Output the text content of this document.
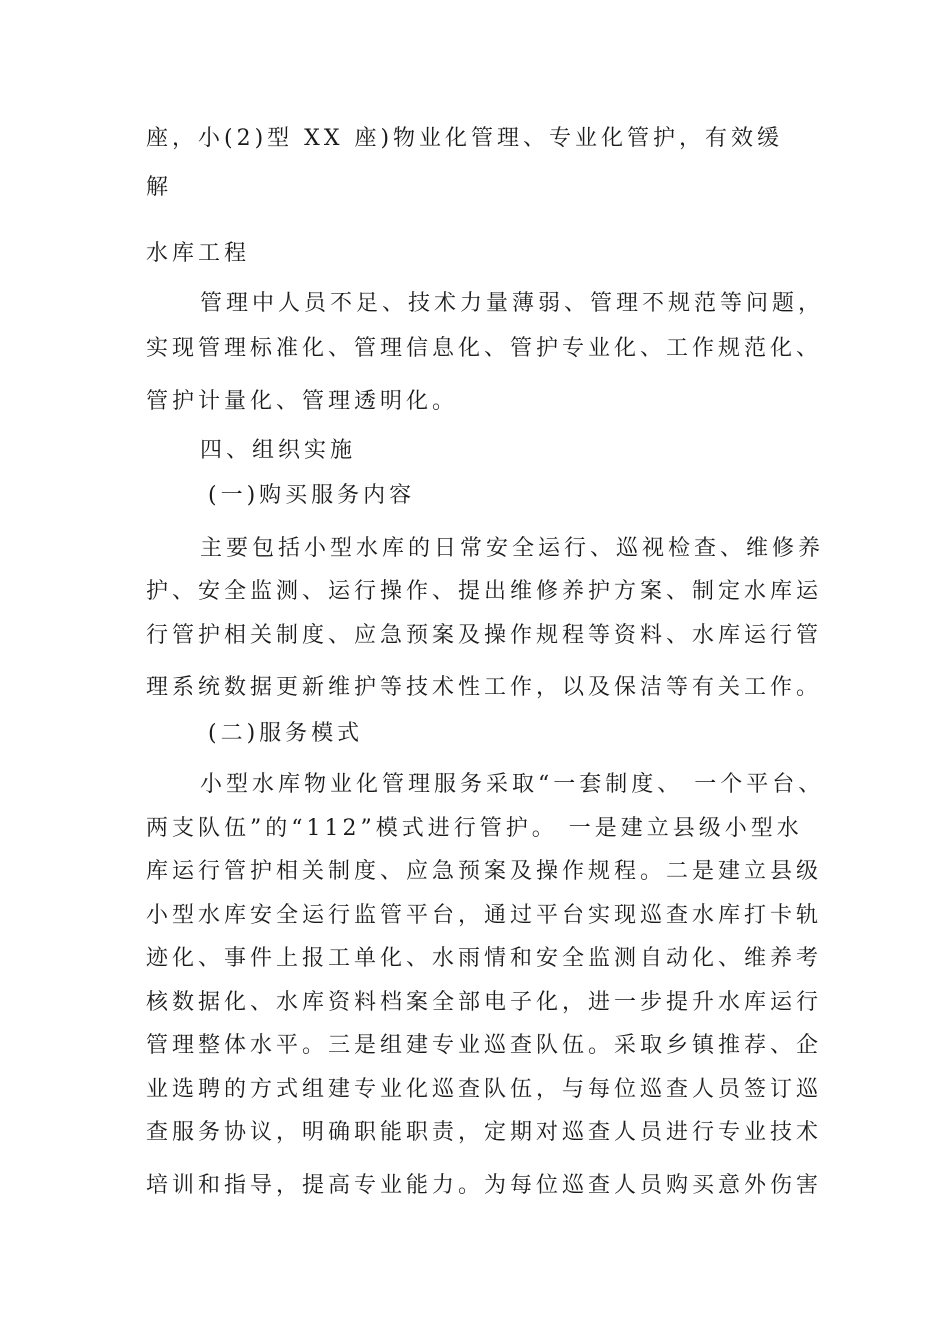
座，小(2)型 XX 座)物业化管理、专业化管护，有效缓
解
水库工程
管理中人员不足、技术力量薄弱、管理不规范等问题，
实现管理标准化、管理信息化、管护专业化、工作规范化、
管护计量化、管理透明化。
四、组织实施
(一)购买服务内容
主要包括小型水库的日常安全运行、巡视检查、维修养
护、安全监测、运行操作、提出维修养护方案、制定水库运
行管护相关制度、应急预案及操作规程等资料、水库运行管
理系统数据更新维护等技术性工作，以及保洁等有关工作。
(二)服务模式
小型水库物业化管理服务采取“一套制度、 一个平台、
两支队伍”的“112”模式进行管护。 一是建立县级小型水
库运行管护相关制度、应急预案及操作规程。二是建立县级
小型水库安全运行监管平台，通过平台实现巡查水库打卡轨
迹化、事件上报工单化、水雨情和安全监测自动化、维养考
核数据化、水库资料档案全部电子化，进一步提升水库运行
管理整体水平。三是组建专业巡查队伍。采取乡镇推荐、企
业选聘的方式组建专业化巡查队伍，与每位巡查人员签订巡
查服务协议，明确职能职责，定期对巡查人员进行专业技术
培训和指导，提高专业能力。为每位巡查人员购买意外伤害
